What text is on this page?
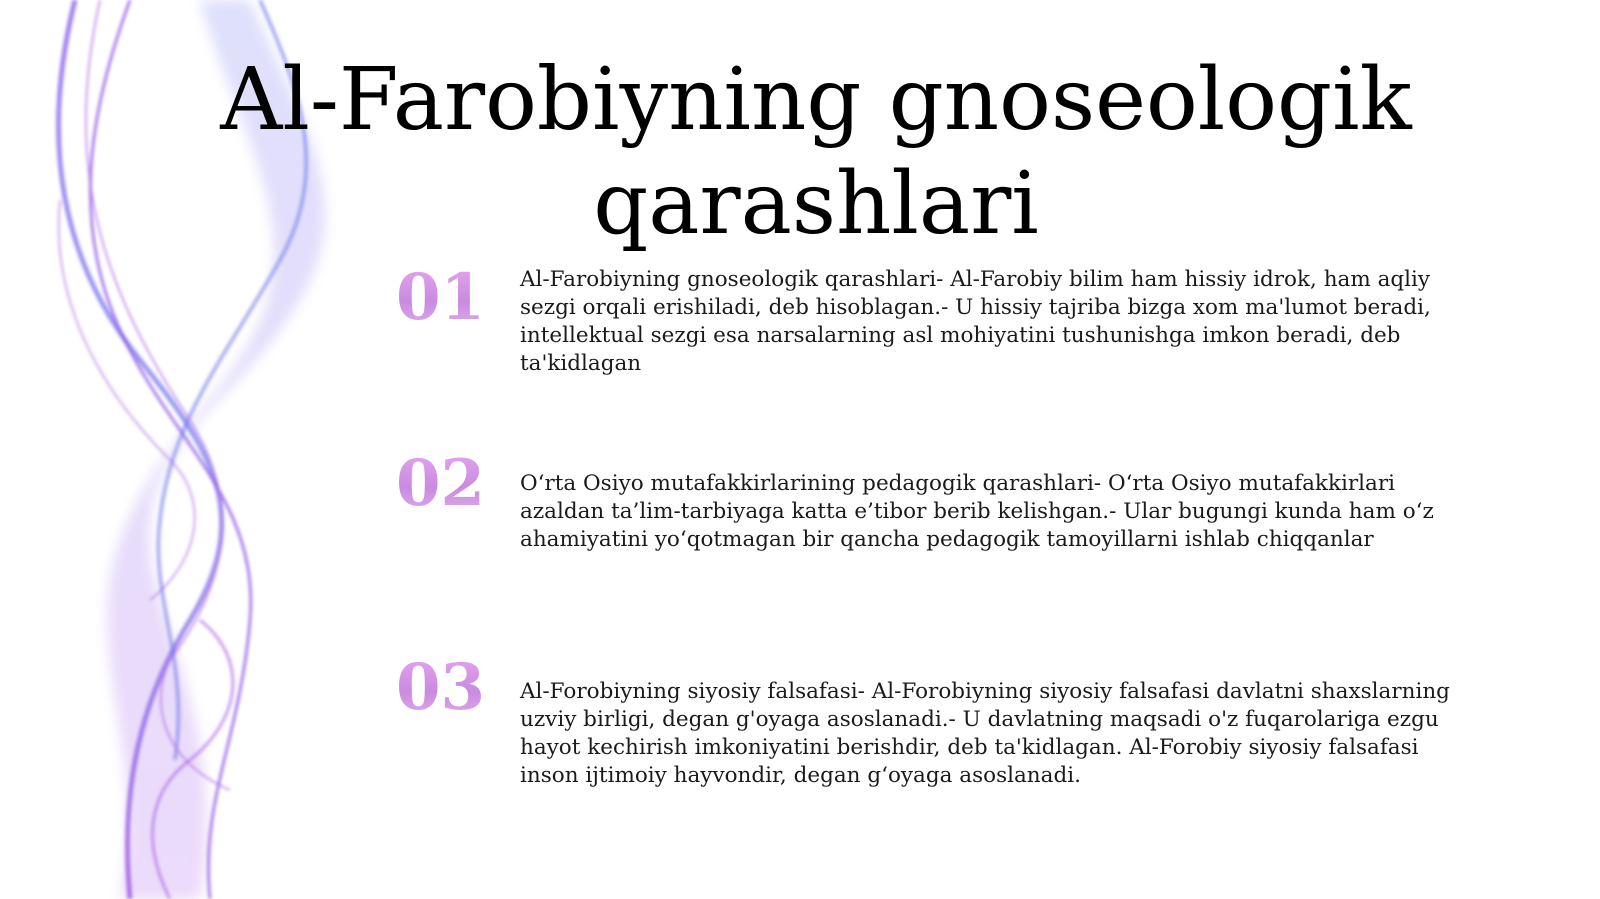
Al-Farobiyning gnoseologik qarashlari
01	Al-Farobiyning gnoseologik qarashlari- Al-Farobiy bilim ham hissiy idrok, ham aqliy sezgi orqali erishiladi, deb hisoblagan.- U hissiy tajriba bizga xom ma'lumot beradi, intellektual sezgi esa narsalarning asl mohiyatini tushunishga imkon beradi, deb ta'kidlagan
02	O‘rta Osiyo mutafakkirlarining pedagogik qarashlari- O‘rta Osiyo mutafakkirlari azaldan ta’lim-tarbiyaga katta e’tibor berib kelishgan.- Ular bugungi kunda ham o‘z ahamiyatini yo‘qotmagan bir qancha pedagogik tamoyillarni ishlab chiqqanlar
03	Al-Forobiyning siyosiy falsafasi- Al-Forobiyning siyosiy falsafasi davlatni shaxslarning uzviy birligi, degan g'oyaga asoslanadi.- U davlatning maqsadi o'z fuqarolariga ezgu hayot kechirish imkoniyatini berishdir, deb ta'kidlagan. Al-Forobiy siyosiy falsafasi inson ijtimoiy hayvondir, degan g‘oyaga asoslanadi.
